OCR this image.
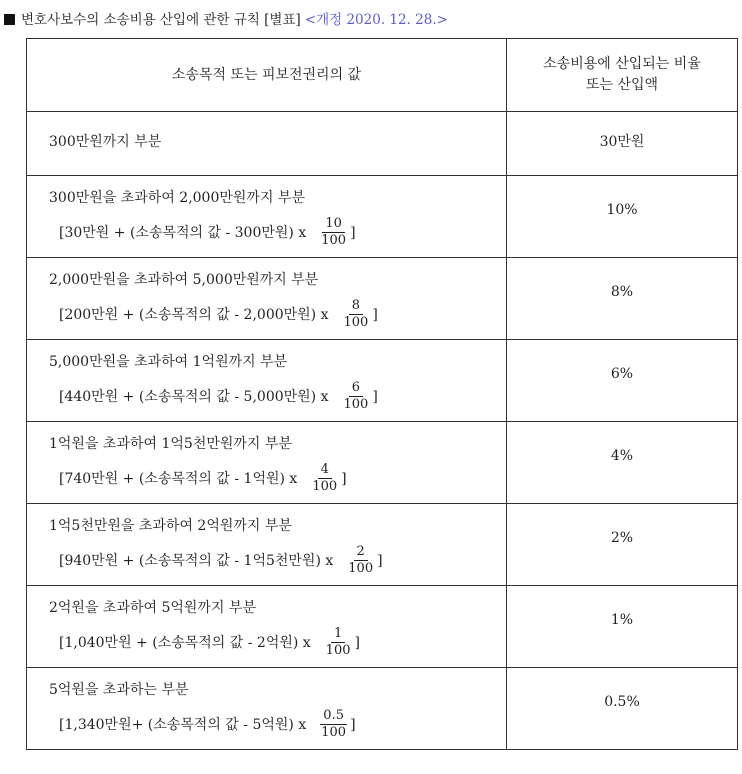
변호사보수의 소송비용 산입에 관한 규칙 [별표] <개정 2020. 12. 28.>
소송목적 또는 피보전권리의 값	소송비용에 산입되는 비율
또는 산입액

300만원까지 부분	30만원

300만원을 초과하여 2,000만원까지 부분
[30만원 + (소송목적의 값 - 300만원) x $\frac{10}{100}$ ]	10%

2,000만원을 초과하여 5,000만원까지 부분
[200만원 + (소송목적의 값 - 2,000만원) x $\frac{8}{100}$ ]	8%

5,000만원을 초과하여 1억원까지 부분
[440만원 + (소송목적의 값 - 5,000만원) x $\frac{6}{100}$ ]	6%

1억원을 초과하여 1억5천만원까지 부분
[740만원 + (소송목적의 값 - 1억원) x $\frac{4}{100}$ ]	4%

1억5천만원을 초과하여 2억원까지 부분
[940만원 + (소송목적의 값 - 1억5천만원) x $\frac{2}{100}$ ]	2%

2억원을 초과하여 5억원까지 부분
[1,040만원 + (소송목적의 값 - 2억원) x $\frac{1}{100}$ ]	1%

5억원을 초과하는 부분
[1,340만원+ (소송목적의 값 - 5억원) x $\frac{0.5}{100}$ ]	0.5%
